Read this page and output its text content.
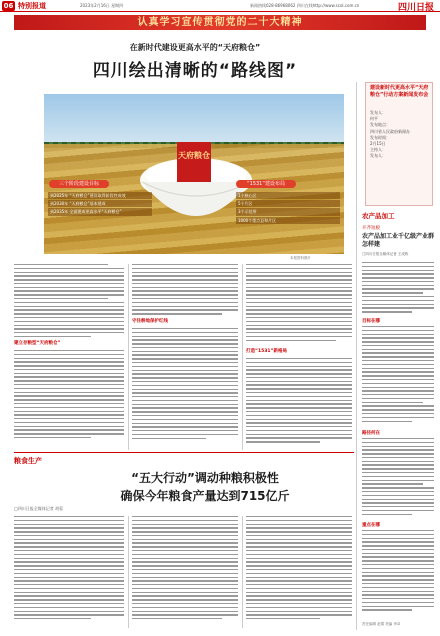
06 特别报道	2023年2月16日 星期四	新闻热线028-86968062 四川在线http://www.scol.com.cn	四川日报
认真学习宣传贯彻党的二十大精神
在新时代建设更高水平的“天府粮仓”
四川绘出清晰的“路线图”
建设新时代更高水平“天府粮仓”行动方案新闻发布会
发布人：
何平
发布地点：
四川省人民政府新闻办
发布时间：
2月15日
主持人：
发布人：
天府粮仓
三个阶段建设目标	“1531”建设布局
到2025年 “天府粮仓”建设取得阶段性成效
到2030年 “天府粮仓”基本建成
到2035年 全面建成更高水平“天府粮仓”
1个核心区
5个片区
3个示范带
1000个重点县和片区
本报资料图片
农产品加工
开齐短板
农产品加工业千亿级产业群怎样建
□四川日报全媒体记者 王成栋
目标在哪
路径何在
重点在哪
建立存粮型“天府粮仓”
守住耕地保护红线
打造“1531”新格局
粮食生产
“五大行动”调动种粮积极性
确保今年粮食产量达到715亿斤
□四川日报全媒体记者 胡蓉
责任编辑 赵熠 美编 李卓
